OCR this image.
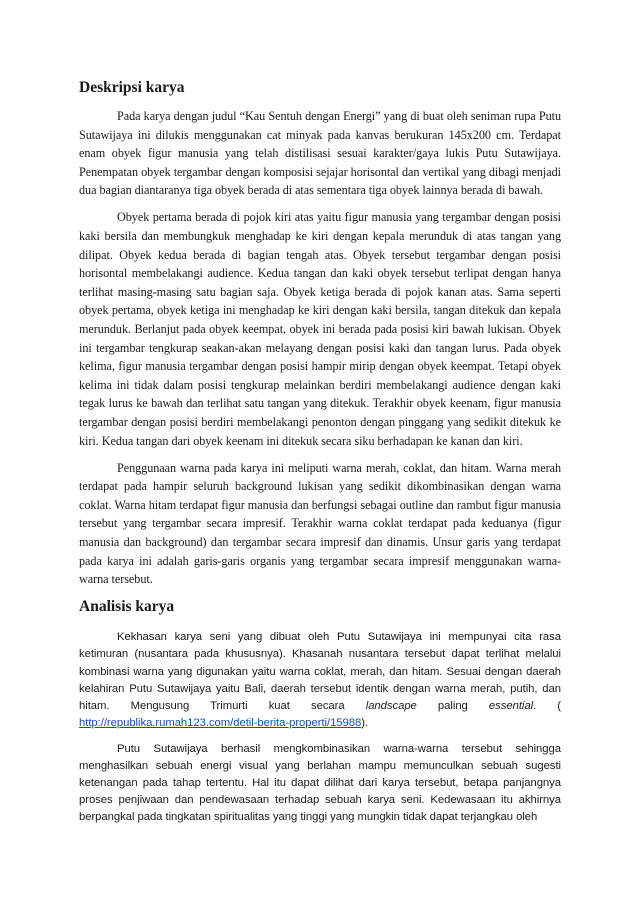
Deskripsi karya

Pada karya dengan judul “Kau Sentuh dengan Energi” yang di buat oleh seniman rupa Putu Sutawijaya ini dilukis menggunakan cat minyak pada kanvas berukuran 145x200 cm. Terdapat enam obyek figur manusia yang telah distilisasi sesuai karakter/gaya lukis Putu Sutawijaya. Penempatan obyek tergambar dengan komposisi sejajar horisontal dan vertikal yang dibagi menjadi dua bagian diantaranya tiga obyek berada di atas sementara tiga obyek lainnya berada di bawah.

Obyek pertama berada di pojok kiri atas yaitu figur manusia yang tergambar dengan posisi kaki bersila dan membungkuk menghadap ke kiri dengan kepala merunduk di atas tangan yang dilipat. Obyek kedua berada di bagian tengah atas. Obyek tersebut tergambar dengan posisi horisontal membelakangi audience. Kedua tangan dan kaki obyek tersebut terlipat dengan hanya terlihat masing-masing satu bagian saja. Obyek ketiga berada di pojok kanan atas. Sama seperti obyek pertama, obyek ketiga ini menghadap ke kiri dengan kaki bersila, tangan ditekuk dan kepala merunduk. Berlanjut pada obyek keempat, obyek ini berada pada posisi kiri bawah lukisan. Obyek ini tergambar tengkurap seakan-akan melayang dengan posisi kaki dan tangan lurus. Pada obyek kelima, figur manusia tergambar dengan posisi hampir mirip dengan obyek keempat. Tetapi obyek kelima ini tidak dalam posisi tengkurap melainkan berdiri membelakangi audience dengan kaki tegak lurus ke bawah dan terlihat satu tangan yang ditekuk. Terakhir obyek keenam, figur manusia tergambar dengan posisi berdiri membelakangi penonton dengan pinggang yang sedikit ditekuk ke kiri. Kedua tangan dari obyek keenam ini ditekuk secara siku berhadapan ke kanan dan kiri.

Penggunaan warna pada karya ini meliputi warna merah, coklat, dan hitam. Warna merah terdapat pada hampir seluruh background lukisan yang sedikit dikombinasikan dengan warna coklat. Warna hitam terdapat figur manusia dan berfungsi sebagai outline dan rambut figur manusia tersebut yang tergambar secara impresif. Terakhir warna coklat terdapat pada keduanya (figur manusia dan background) dan tergambar secara impresif dan dinamis. Unsur garis yang terdapat pada karya ini adalah garis-garis organis yang tergambar secara impresif menggunakan warna-warna tersebut.

Analisis karya

Kekhasan karya seni yang dibuat oleh Putu Sutawijaya ini mempunyai cita rasa ketimuran (nusantara pada khususnya). Khasanah nusantara tersebut dapat terlihat melalui kombinasi warna yang digunakan yaitu warna coklat, merah, dan hitam. Sesuai dengan daerah kelahiran Putu Sutawijaya yaitu Bali, daerah tersebut identik dengan warna merah, putih, dan hitam. Mengusung Trimurti kuat secara landscape paling essential. ( http://republika.rumah123.com/detil-berita-properti/15988).

Putu Sutawijaya berhasil mengkombinasikan warna-warna tersebut sehingga menghasilkan sebuah energi visual yang berlahan mampu memunculkan sebuah sugesti ketenangan pada tahap tertentu. Hal itu dapat dilihat dari karya tersebut, betapa panjangnya proses penjiwaan dan pendewasaan terhadap sebuah karya seni. Kedewasaan itu akhirnya berpangkal pada tingkatan spiritualitas yang tinggi yang mungkin tidak dapat terjangkau oleh
